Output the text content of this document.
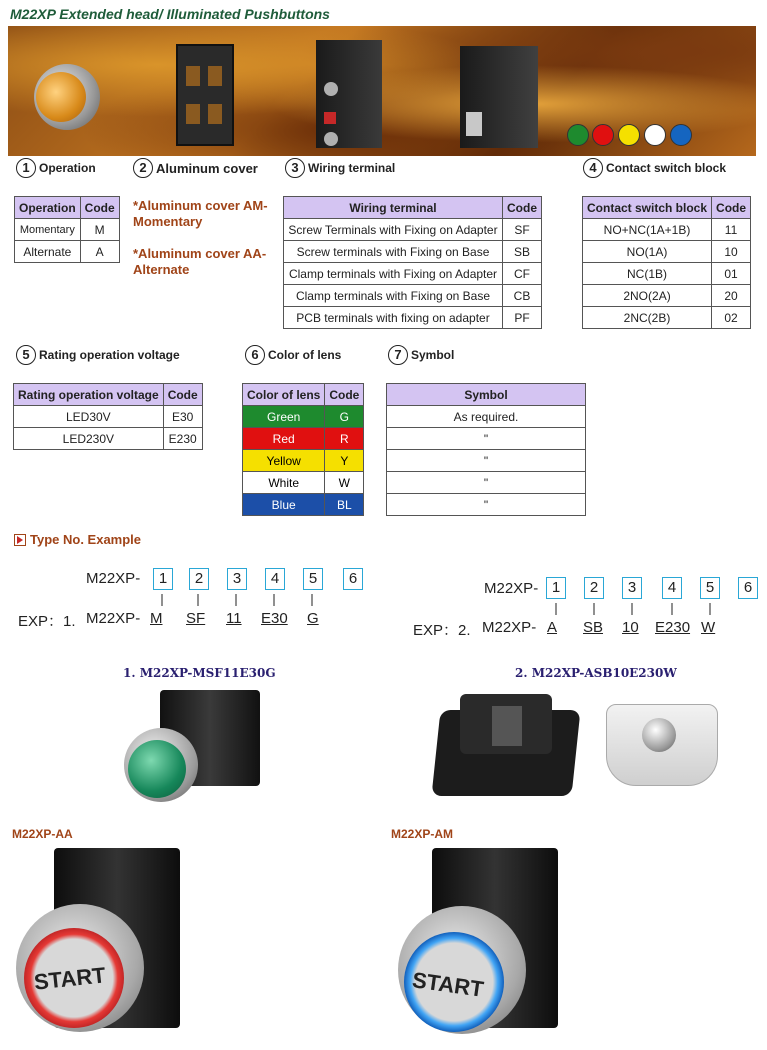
M22XP Extended head/ Illuminated Pushbuttons
1 Operation	2 Aluminum cover	3 Wiring terminal	4 Contact switch block
Operation	Code
Momentary	M
Alternate	A
*Aluminum cover AM-Momentary
*Aluminum cover AA-Alternate
Wiring terminal	Code
Screw Terminals with Fixing on Adapter	SF
Screw terminals with Fixing on Base	SB
Clamp terminals with Fixing on Adapter	CF
Clamp terminals with Fixing on Base	CB
PCB terminals with fixing on adapter	PF
Contact switch block	Code
NO+NC(1A+1B)	11
NO(1A)	10
NC(1B)	01
2NO(2A)	20
2NC(2B)	02
5 Rating operation voltage	6 Color of lens	7 Symbol
Rating operation voltage	Code
LED30V	E30
LED230V	E230
Color of lens	Code
Green	G
Red	R
Yellow	Y
White	W
Blue	BL
Symbol
As required.
"
"
"
"
Type No. Example
M22XP-	1	2	3	4	5	6
EXP：1. M22XP- M SF 11 E30 G
M22XP- 1	2	3	4	5	6
EXP：2. M22XP- A SB 10 E230 W
1. M22XP-MSF11E30G	2. M22XP-ASB10E230W
M22XP-AA	M22XP-AM
START	START
